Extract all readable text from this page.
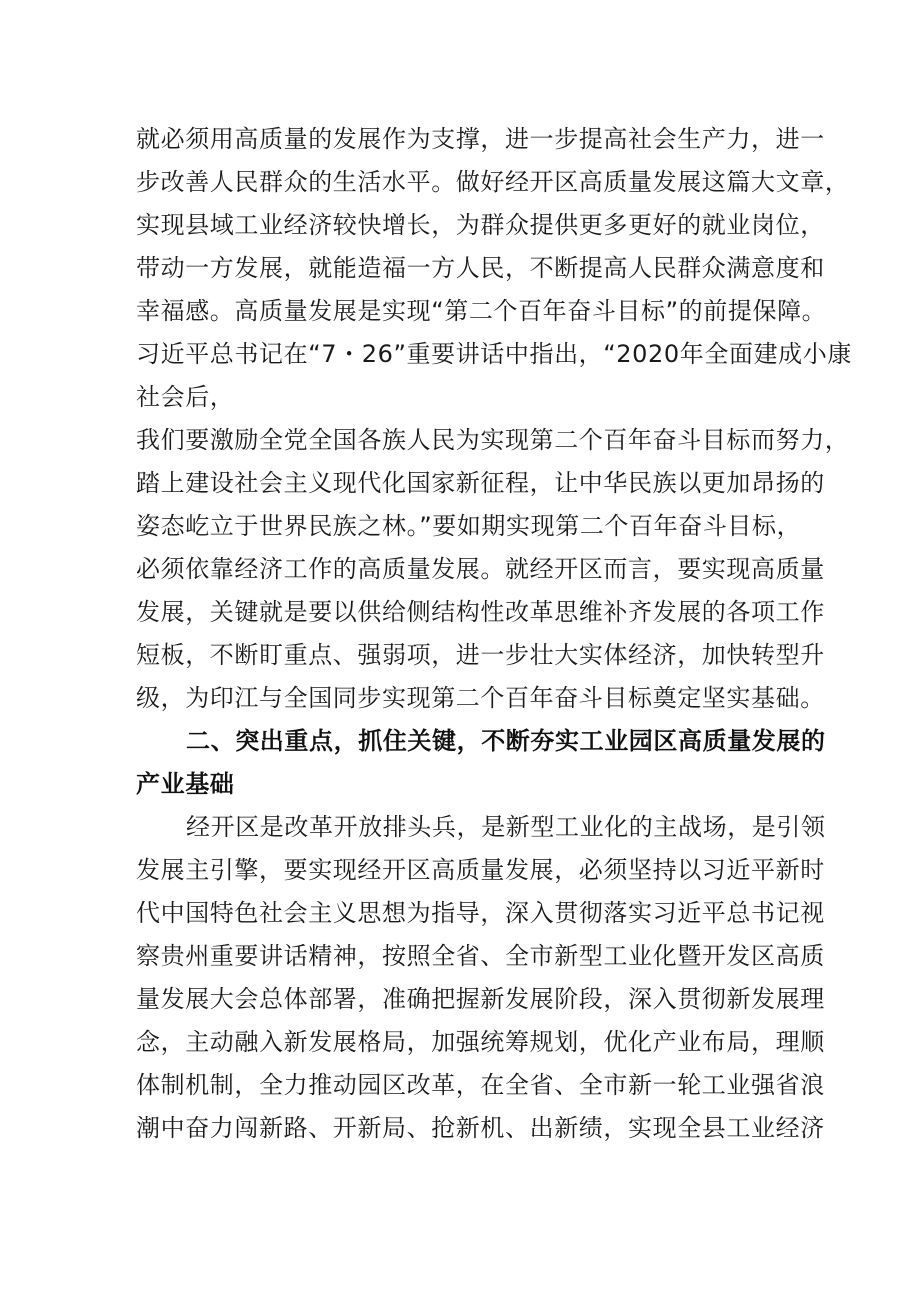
就必须用高质量的发展作为支撑，进一步提高社会生产力，进一
步改善人民群众的生活水平。做好经开区高质量发展这篇大文章，
实现县域工业经济较快增长，为群众提供更多更好的就业岗位，
带动一方发展，就能造福一方人民，不断提高人民群众满意度和
幸福感。高质量发展是实现“第二个百年奋斗目标”的前提保障。
习近平总书记在“7・26”重要讲话中指出，“2020年全面建成小康
社会后，
我们要激励全党全国各族人民为实现第二个百年奋斗目标而努力，
踏上建设社会主义现代化国家新征程，让中华民族以更加昂扬的
姿态屹立于世界民族之林。”要如期实现第二个百年奋斗目标，
必须依靠经济工作的高质量发展。就经开区而言，要实现高质量
发展，关键就是要以供给侧结构性改革思维补齐发展的各项工作
短板，不断盯重点、强弱项，进一步壮大实体经济，加快转型升
级，为印江与全国同步实现第二个百年奋斗目标奠定坚实基础。
二、突出重点，抓住关键，不断夯实工业园区高质量发展的
产业基础
经开区是改革开放排头兵，是新型工业化的主战场，是引领
发展主引擎，要实现经开区高质量发展，必须坚持以习近平新时
代中国特色社会主义思想为指导，深入贯彻落实习近平总书记视
察贵州重要讲话精神，按照全省、全市新型工业化暨开发区高质
量发展大会总体部署，准确把握新发展阶段，深入贯彻新发展理
念，主动融入新发展格局，加强统筹规划，优化产业布局，理顺
体制机制，全力推动园区改革，在全省、全市新一轮工业强省浪
潮中奋力闯新路、开新局、抢新机、出新绩，实现全县工业经济
